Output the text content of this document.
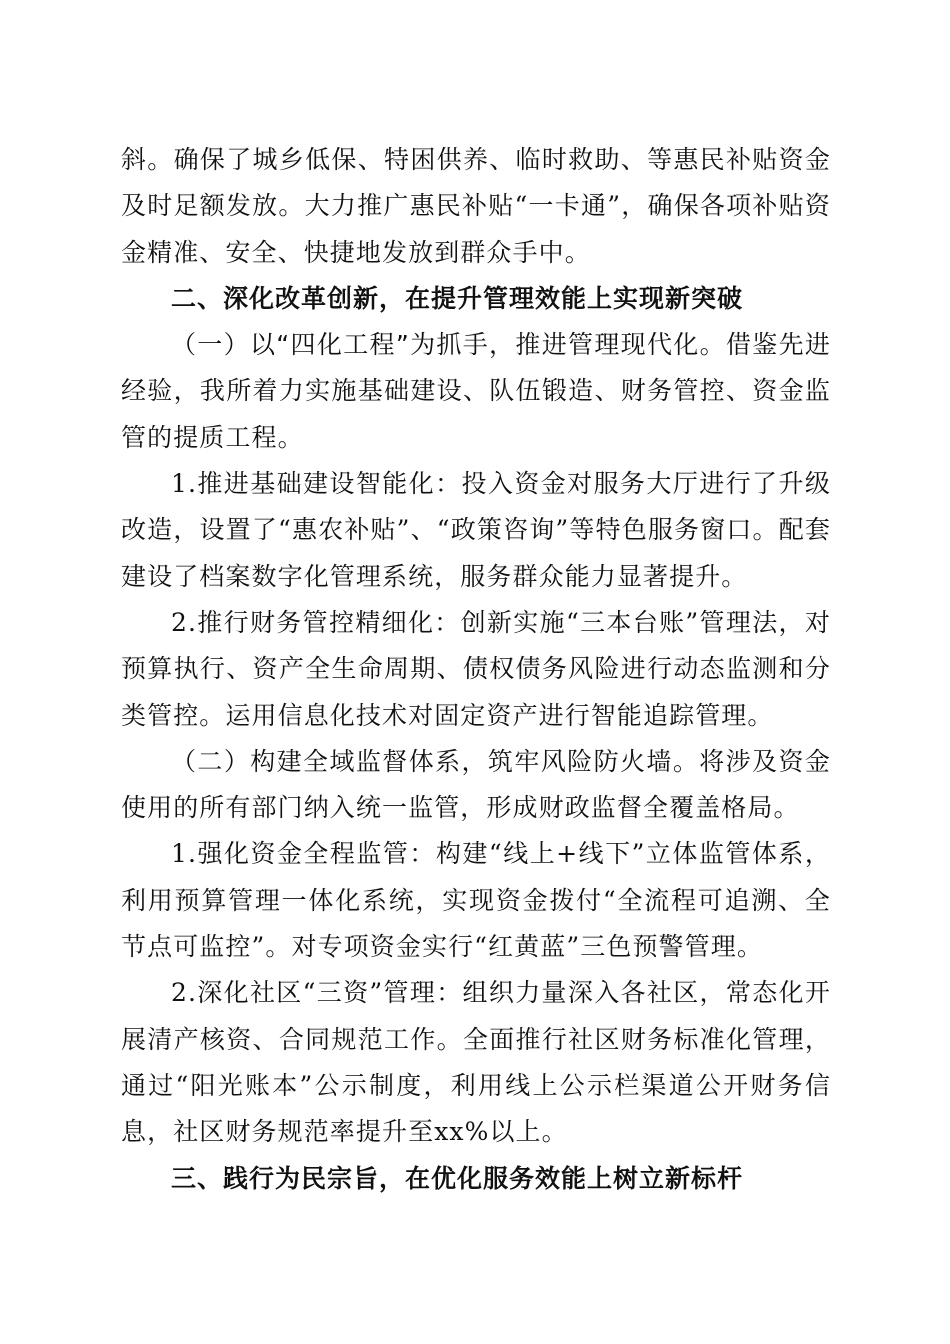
斜。确保了城乡低保、特困供养、临时救助、等惠民补贴资金及时足额发放。大力推广惠民补贴“一卡通”，确保各项补贴资金精准、安全、快捷地发放到群众手中。

二、深化改革创新，在提升管理效能上实现新突破

（一）以“四化工程”为抓手，推进管理现代化。借鉴先进经验，我所着力实施基础建设、队伍锻造、财务管控、资金监管的提质工程。

1.推进基础建设智能化：投入资金对服务大厅进行了升级改造，设置了“惠农补贴”、“政策咨询”等特色服务窗口。配套建设了档案数字化管理系统，服务群众能力显著提升。

2.推行财务管控精细化：创新实施“三本台账”管理法，对预算执行、资产全生命周期、债权债务风险进行动态监测和分类管控。运用信息化技术对固定资产进行智能追踪管理。

（二）构建全域监督体系，筑牢风险防火墙。将涉及资金使用的所有部门纳入统一监管，形成财政监督全覆盖格局。

1.强化资金全程监管：构建“线上+线下”立体监管体系，利用预算管理一体化系统，实现资金拨付“全流程可追溯、全节点可监控”。对专项资金实行“红黄蓝”三色预警管理。

2.深化社区“三资”管理：组织力量深入各社区，常态化开展清产核资、合同规范工作。全面推行社区财务标准化管理，通过“阳光账本”公示制度，利用线上公示栏渠道公开财务信息，社区财务规范率提升至xx%以上。

三、践行为民宗旨，在优化服务效能上树立新标杆
